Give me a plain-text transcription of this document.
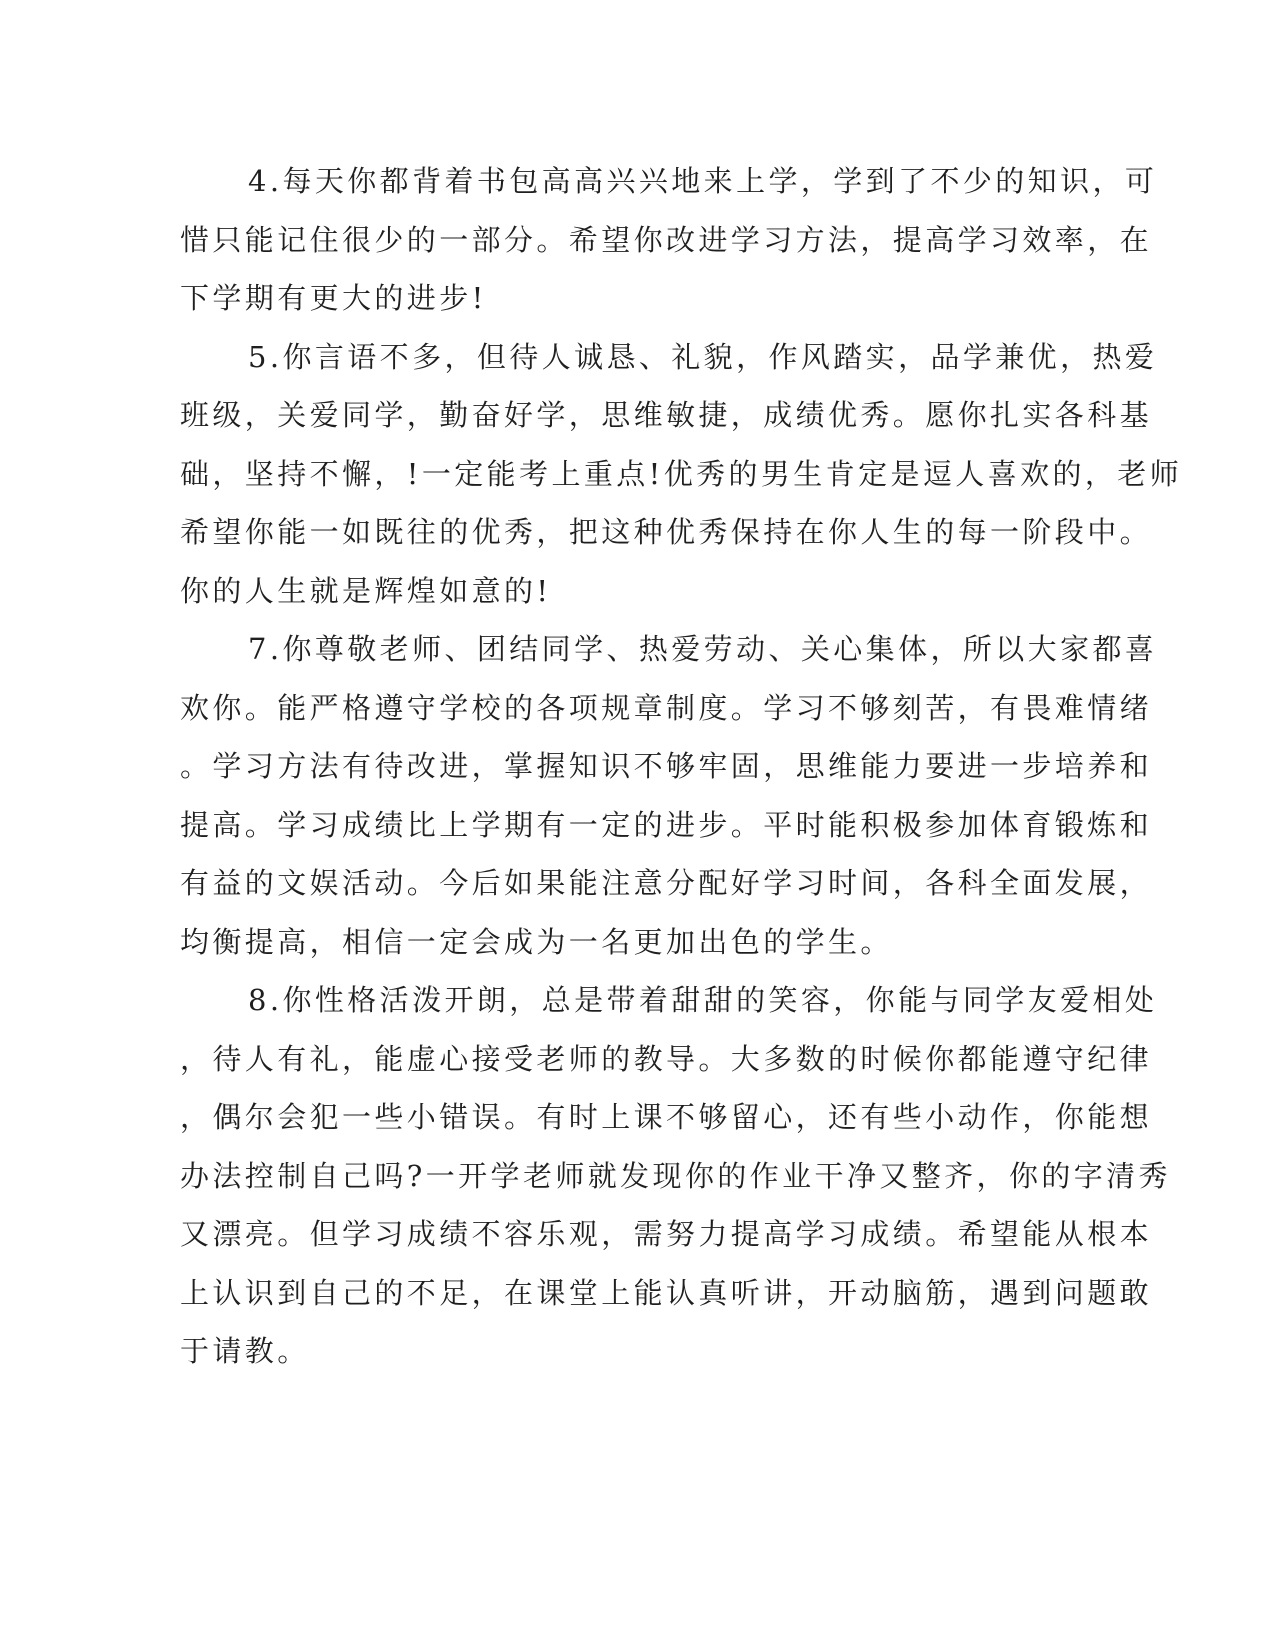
4.每天你都背着书包高高兴兴地来上学，学到了不少的知识，可
惜只能记住很少的一部分。希望你改进学习方法，提高学习效率，在
下学期有更大的进步!
5.你言语不多，但待人诚恳、礼貌，作风踏实，品学兼优，热爱
班级，关爱同学，勤奋好学，思维敏捷，成绩优秀。愿你扎实各科基
础，坚持不懈，!一定能考上重点!优秀的男生肯定是逗人喜欢的，老师
希望你能一如既往的优秀，把这种优秀保持在你人生的每一阶段中。
你的人生就是辉煌如意的!
7.你尊敬老师、团结同学、热爱劳动、关心集体，所以大家都喜
欢你。能严格遵守学校的各项规章制度。学习不够刻苦，有畏难情绪
。学习方法有待改进，掌握知识不够牢固，思维能力要进一步培养和
提高。学习成绩比上学期有一定的进步。平时能积极参加体育锻炼和
有益的文娱活动。今后如果能注意分配好学习时间，各科全面发展，
均衡提高，相信一定会成为一名更加出色的学生。
8.你性格活泼开朗，总是带着甜甜的笑容，你能与同学友爱相处
，待人有礼，能虚心接受老师的教导。大多数的时候你都能遵守纪律
，偶尔会犯一些小错误。有时上课不够留心，还有些小动作，你能想
办法控制自己吗?一开学老师就发现你的作业干净又整齐，你的字清秀
又漂亮。但学习成绩不容乐观，需努力提高学习成绩。希望能从根本
上认识到自己的不足，在课堂上能认真听讲，开动脑筋，遇到问题敢
于请教。
